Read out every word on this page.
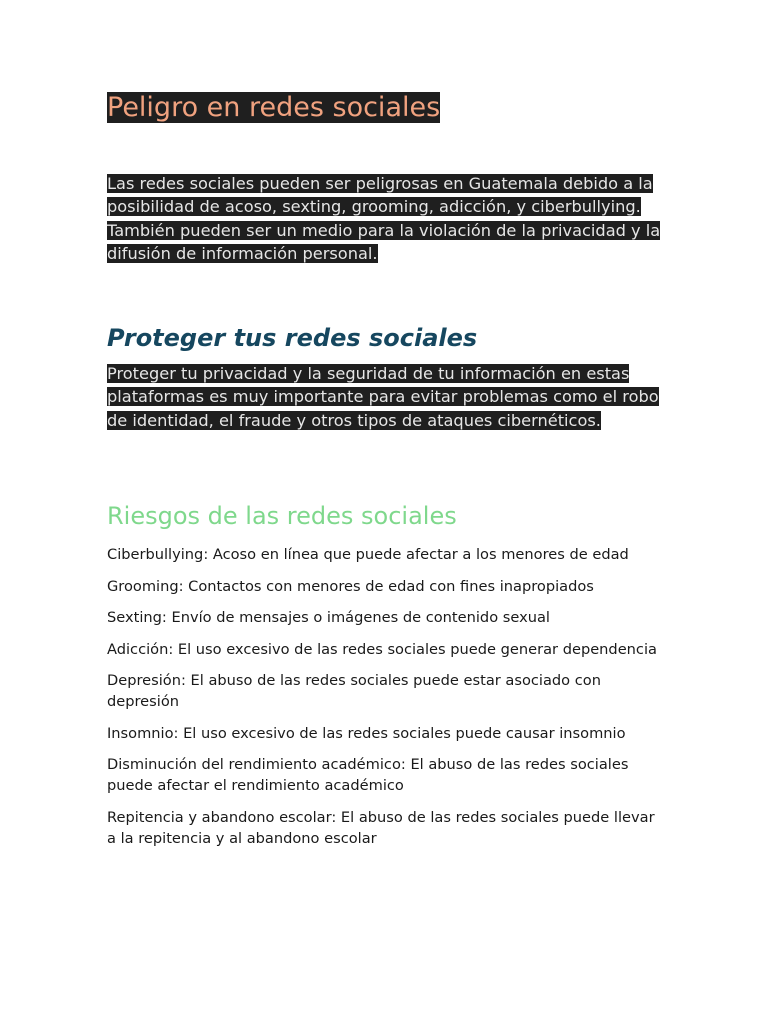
Peligro en redes sociales

Las redes sociales pueden ser peligrosas en Guatemala debido a la posibilidad de acoso, sexting, grooming, adicción, y ciberbullying. También pueden ser un medio para la violación de la privacidad y la difusión de información personal.

Proteger tus redes sociales

Proteger tu privacidad y la seguridad de tu información en estas plataformas es muy importante para evitar problemas como el robo de identidad, el fraude y otros tipos de ataques cibernéticos.

Riesgos de las redes sociales
Ciberbullying: Acoso en línea que puede afectar a los menores de edad
Grooming: Contactos con menores de edad con fines inapropiados
Sexting: Envío de mensajes o imágenes de contenido sexual
Adicción: El uso excesivo de las redes sociales puede generar dependencia
Depresión: El abuso de las redes sociales puede estar asociado con depresión
Insomnio: El uso excesivo de las redes sociales puede causar insomnio
Disminución del rendimiento académico: El abuso de las redes sociales puede afectar el rendimiento académico
Repitencia y abandono escolar: El abuso de las redes sociales puede llevar a la repitencia y al abandono escolar
